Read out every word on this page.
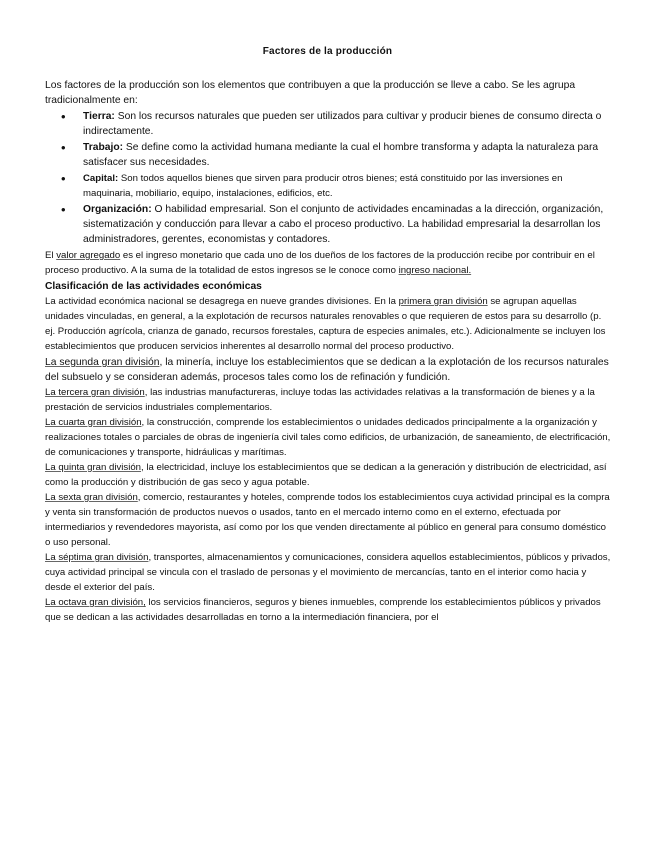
Factores de la producción

Los factores de la producción son los elementos que contribuyen a que la producción se lleve a cabo. Se les agrupa tradicionalmente en:

• Tierra: Son los recursos naturales que pueden ser utilizados para cultivar y producir bienes de consumo directa o indirectamente.
• Trabajo: Se define como la actividad humana mediante la cual el hombre transforma y adapta la naturaleza para satisfacer sus necesidades.
• Capital: Son todos aquellos bienes que sirven para producir otros bienes; está constituido por las inversiones en maquinaria, mobiliario, equipo, instalaciones, edificios, etc.
• Organización: O habilidad empresarial. Son el conjunto de actividades encaminadas a la dirección, organización, sistematización y conducción para llevar a cabo el proceso productivo. La habilidad empresarial la desarrollan los administradores, gerentes, economistas y contadores.

El valor agregado es el ingreso monetario que cada uno de los dueños de los factores de la producción recibe por contribuir en el proceso productivo. A la suma de la totalidad de estos ingresos se le conoce como ingreso nacional.

Clasificación de las actividades económicas

La actividad económica nacional se desagrega en nueve grandes divisiones. En la primera gran división se agrupan aquellas unidades vinculadas, en general, a la explotación de recursos naturales renovables o que requieren de estos para su desarrollo (p. ej. Producción agrícola, crianza de ganado, recursos forestales, captura de especies animales, etc.). Adicionalmente se incluyen los establecimientos que producen servicios inherentes al desarrollo normal del proceso productivo.

La segunda gran división, la minería, incluye los establecimientos que se dedican a la explotación de los recursos naturales del subsuelo y se consideran además, procesos tales como los de refinación y fundición.

La tercera gran división, las industrias manufactureras, incluye todas las actividades relativas a la transformación de bienes y a la prestación de servicios industriales complementarios.

La cuarta gran división, la construcción, comprende los establecimientos o unidades dedicados principalmente a la organización y realizaciones totales o parciales de obras de ingeniería civil tales como edificios, de urbanización, de saneamiento, de electrificación, de comunicaciones y transporte, hidráulicas y marítimas.

La quinta gran división, la electricidad, incluye los establecimientos que se dedican a la generación y distribución de electricidad, así como la producción y distribución de gas seco y agua potable.

La sexta gran división, comercio, restaurantes y hoteles, comprende todos los establecimientos cuya actividad principal es la compra y venta sin transformación de productos nuevos o usados, tanto en el mercado interno como en el externo, efectuada por intermediarios y revendedores mayorista, así como por los que venden directamente al público en general para consumo doméstico o uso personal.

La séptima gran división, transportes, almacenamientos y comunicaciones, considera aquellos establecimientos, públicos y privados, cuya actividad principal se vincula con el traslado de personas y el movimiento de mercancías, tanto en el interior como hacia y desde el exterior del país.

La octava gran división, los servicios financieros, seguros y bienes inmuebles, comprende los establecimientos públicos y privados que se dedican a las actividades desarrolladas en torno a la intermediación financiera, por el
